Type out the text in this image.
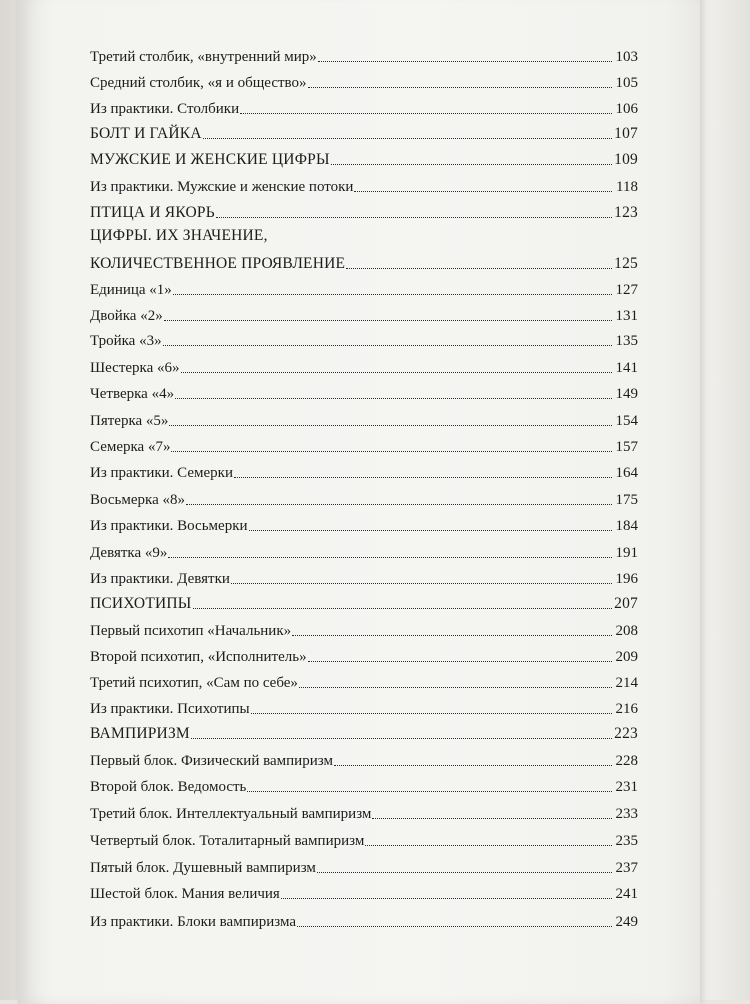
Третий столбик, «внутренний мир»	103
Средний столбик, «я и общество»	105
Из практики. Столбики	106
БОЛТ И ГАЙКА	107
МУЖСКИЕ И ЖЕНСКИЕ ЦИФРЫ	109
Из практики. Мужские и женские потоки	118
ПТИЦА И ЯКОРЬ	123
ЦИФРЫ. ИХ ЗНАЧЕНИЕ,
КОЛИЧЕСТВЕННОЕ ПРОЯВЛЕНИЕ	125
Единица «1»	127
Двойка «2»	131
Тройка «3»	135
Шестерка «6»	141
Четверка «4»	149
Пятерка «5»	154
Семерка «7»	157
Из практики. Семерки	164
Восьмерка «8»	175
Из практики. Восьмерки	184
Девятка «9»	191
Из практики. Девятки	196
ПСИХОТИПЫ	207
Первый психотип «Начальник»	208
Второй психотип, «Исполнитель»	209
Третий психотип, «Сам по себе»	214
Из практики. Психотипы	216
ВАМПИРИЗМ	223
Первый блок. Физический вампиризм	228
Второй блок. Ведомость	231
Третий блок. Интеллектуальный вампиризм	233
Четвертый блок. Тоталитарный вампиризм	235
Пятый блок. Душевный вампиризм	237
Шестой блок. Мания величия	241
Из практики. Блоки вампиризма	249
